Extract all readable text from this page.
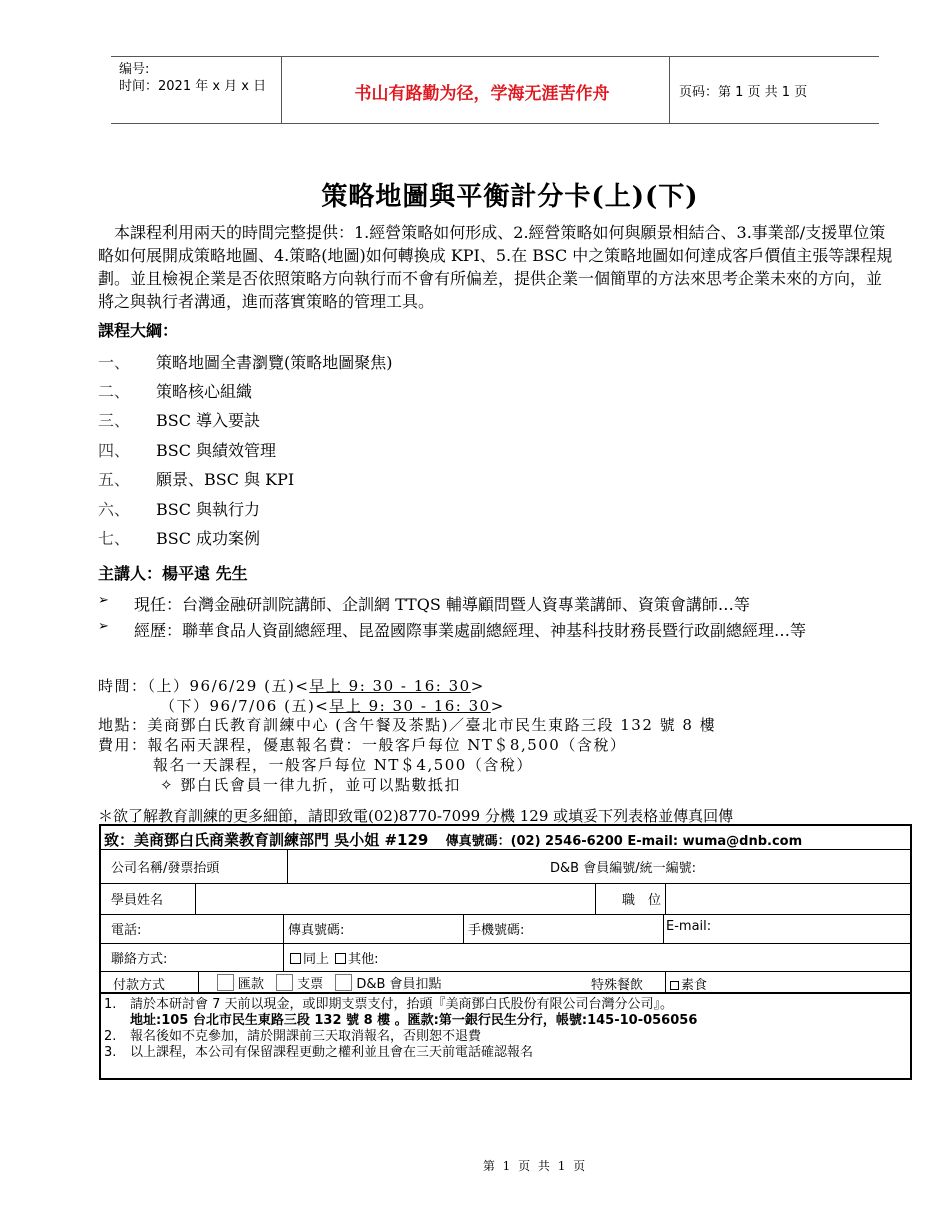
编号:
时间：2021 年 x 月 x 日	书山有路勤为径，学海无涯苦作舟	页码：第 1 页 共 1 页
策略地圖與平衡計分卡(上)(下)
本課程利用兩天的時間完整提供：1.經營策略如何形成、2.經營策略如何與願景相結合、3.事業部/支援單位策略如何展開成策略地圖、4.策略(地圖)如何轉換成 KPI、5.在 BSC 中之策略地圖如何達成客戶價值主張等課程規劃。並且檢視企業是否依照策略方向執行而不會有所偏差，提供企業一個簡單的方法來思考企業未來的方向，並將之與執行者溝通，進而落實策略的管理工具。
課程大綱：
一、 策略地圖全書瀏覽(策略地圖聚焦)
二、 策略核心組織
三、 BSC 導入要訣
四、 BSC 與績效管理
五、 願景、BSC 與 KPI
六、 BSC 與執行力
七、 BSC 成功案例
主講人：楊平遠 先生
➢ 現任：台灣金融研訓院講師、企訓網 TTQS 輔導顧問暨人資專業講師、資策會講師…等
➢ 經歷：聯華食品人資副總經理、昆盈國際事業處副總經理、神基科技財務長暨行政副總經理…等
時間：（上）96/6/29 (五)<早上 9: 30 - 16: 30>
（下）96/7/06 (五)<早上 9: 30 - 16: 30>
地點：美商鄧白氏教育訓練中心 (含午餐及茶點)／臺北市民生東路三段 132 號 8 樓
費用：報名兩天課程，優惠報名費：一般客戶每位 NT＄8,500（含稅）
報名一天課程，一般客戶每位 NT＄4,500（含稅）
✧ 鄧白氏會員一律九折，並可以點數抵扣
＊欲了解教育訓練的更多細節，請即致電(02)8770-7099 分機 129 或填妥下列表格並傳真回傳
致：美商鄧白氏商業教育訓練部門 吳小姐 #129 傳真號碼：(02) 2546-6200 E-mail: wuma@dnb.com
公司名稱/發票抬頭	D&B 會員編號/統一編號:
學員姓名	職　位
電話:	傳真號碼:	手機號碼:	E-mail:
聯絡方式:	同上 其他:
付款方式	匯款	支票	D&B 會員扣點	特殊餐飲	素食
1. 請於本研討會 7 天前以現金，或即期支票支付，抬頭『美商鄧白氏股份有限公司台灣分公司』。
地址:105 台北市民生東路三段 132 號 8 樓 。匯款:第一銀行民生分行，帳號:145-10-056056
2. 報名後如不克參加，請於開課前三天取消報名，否則恕不退費
3. 以上課程，本公司有保留課程更動之權利並且會在三天前電話確認報名
第 1 页 共 1 页
